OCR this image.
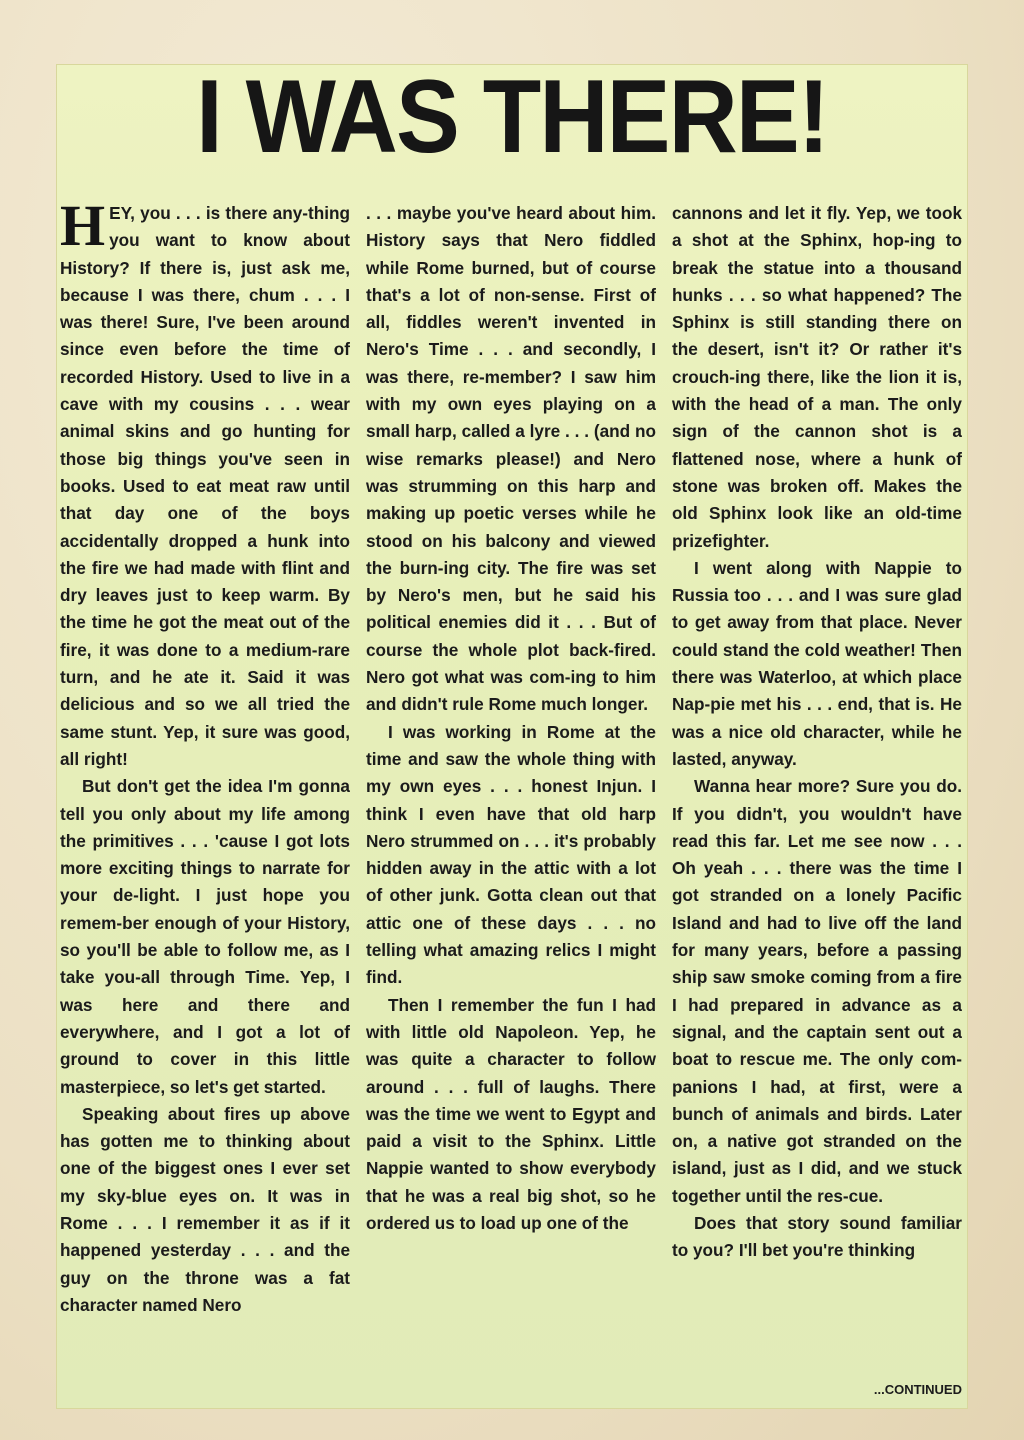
I WAS THERE!

HEY, you . . . is there any-thing you want to know about History? If there is, just ask me, because I was there, chum . . . I was there! Sure, I've been around since even before the time of recorded History. Used to live in a cave with my cousins . . . wear animal skins and go hunting for those big things you've seen in books. Used to eat meat raw until that day one of the boys accidentally dropped a hunk into the fire we had made with flint and dry leaves just to keep warm. By the time he got the meat out of the fire, it was done to a medium-rare turn, and he ate it. Said it was delicious and so we all tried the same stunt. Yep, it sure was good, all right!

But don't get the idea I'm gonna tell you only about my life among the primitives . . . 'cause I got lots more exciting things to narrate for your de-light. I just hope you remem-ber enough of your History, so you'll be able to follow me, as I take you-all through Time. Yep, I was here and there and everywhere, and I got a lot of ground to cover in this little masterpiece, so let's get started.

Speaking about fires up above has gotten me to thinking about one of the biggest ones I ever set my sky-blue eyes on. It was in Rome . . . I remember it as if it happened yesterday . . . and the guy on the throne was a fat character named Nero

. . . maybe you've heard about him. History says that Nero fiddled while Rome burned, but of course that's a lot of non-sense. First of all, fiddles weren't invented in Nero's Time . . . and secondly, I was there, re-member? I saw him with my own eyes playing on a small harp, called a lyre . . . (and no wise remarks please!) and Nero was strumming on this harp and making up poetic verses while he stood on his balcony and viewed the burn-ing city. The fire was set by Nero's men, but he said his political enemies did it . . . But of course the whole plot back-fired. Nero got what was com-ing to him and didn't rule Rome much longer.

I was working in Rome at the time and saw the whole thing with my own eyes . . . honest Injun. I think I even have that old harp Nero strummed on . . . it's probably hidden away in the attic with a lot of other junk. Gotta clean out that attic one of these days . . . no telling what amazing relics I might find.

Then I remember the fun I had with little old Napoleon. Yep, he was quite a character to follow around . . . full of laughs. There was the time we went to Egypt and paid a visit to the Sphinx. Little Nappie wanted to show everybody that he was a real big shot, so he ordered us to load up one of the

cannons and let it fly. Yep, we took a shot at the Sphinx, hop-ing to break the statue into a thousand hunks . . . so what happened? The Sphinx is still standing there on the desert, isn't it? Or rather it's crouch-ing there, like the lion it is, with the head of a man. The only sign of the cannon shot is a flattened nose, where a hunk of stone was broken off. Makes the old Sphinx look like an old-time prizefighter.

I went along with Nappie to Russia too . . . and I was sure glad to get away from that place. Never could stand the cold weather! Then there was Waterloo, at which place Nap-pie met his . . . end, that is. He was a nice old character, while he lasted, anyway.

Wanna hear more? Sure you do. If you didn't, you wouldn't have read this far. Let me see now . . . Oh yeah . . . there was the time I got stranded on a lonely Pacific Island and had to live off the land for many years, before a passing ship saw smoke coming from a fire I had prepared in advance as a signal, and the captain sent out a boat to rescue me. The only com-panions I had, at first, were a bunch of animals and birds. Later on, a native got stranded on the island, just as I did, and we stuck together until the res-cue.

Does that story sound familiar to you? I'll bet you're thinking

...CONTINUED
